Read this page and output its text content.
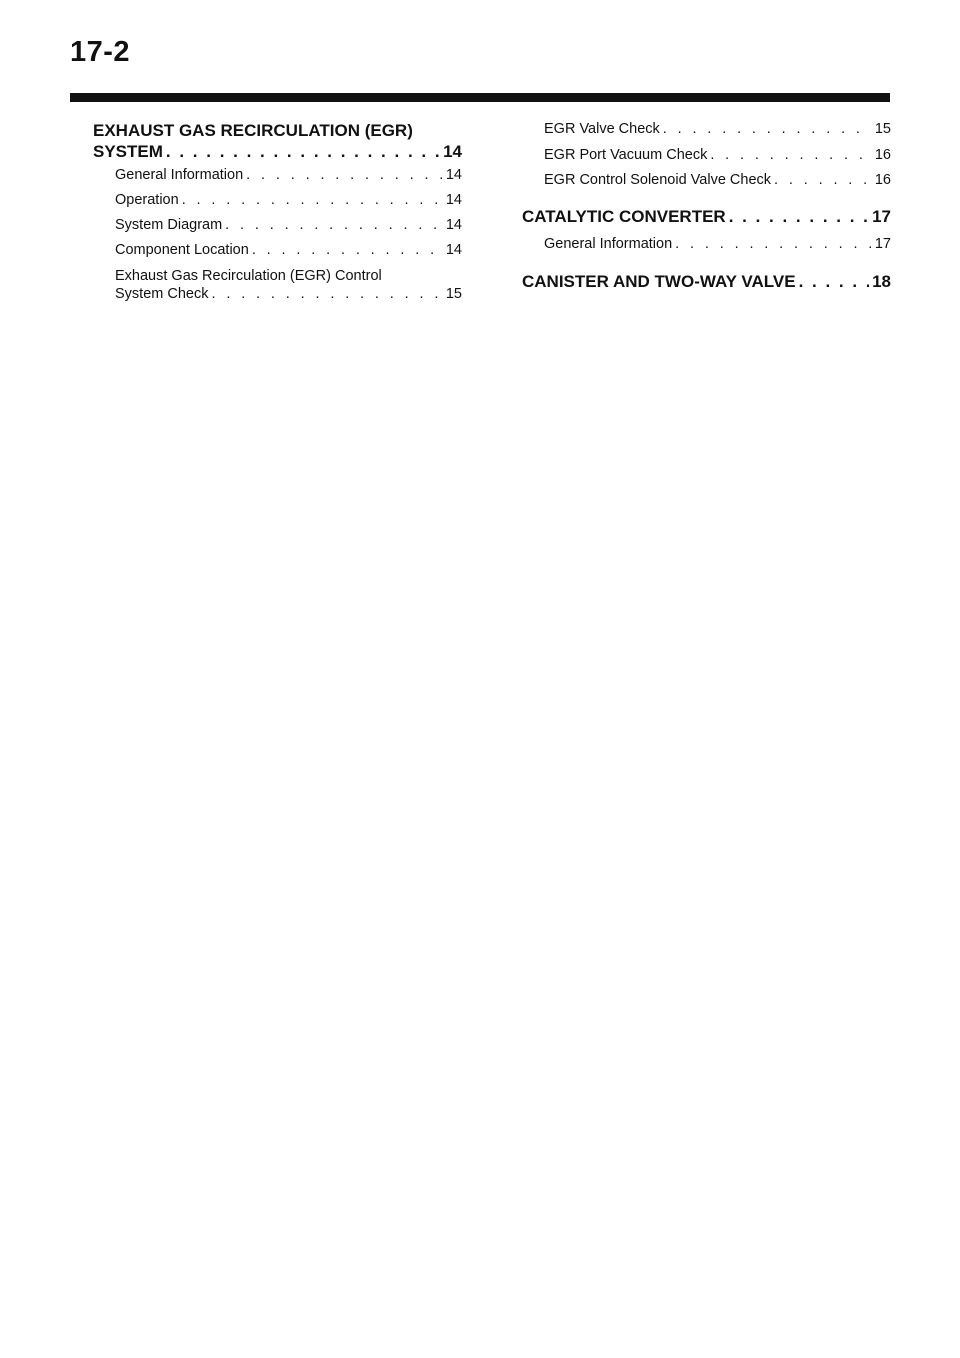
17-2
EXHAUST GAS RECIRCULATION (EGR)
SYSTEM . . .	14
General Information . . .	14
Operation . . .	14
System Diagram . . .	14
Component Location . . .	14
Exhaust Gas Recirculation (EGR) Control
System Check . . .	15
EGR Valve Check . . .	15
EGR Port Vacuum Check . . .	16
EGR Control Solenoid Valve Check . . .	16
CATALYTIC CONVERTER . . .	17
General Information . . .	17
CANISTER AND TWO-WAY VALVE . . .	18
